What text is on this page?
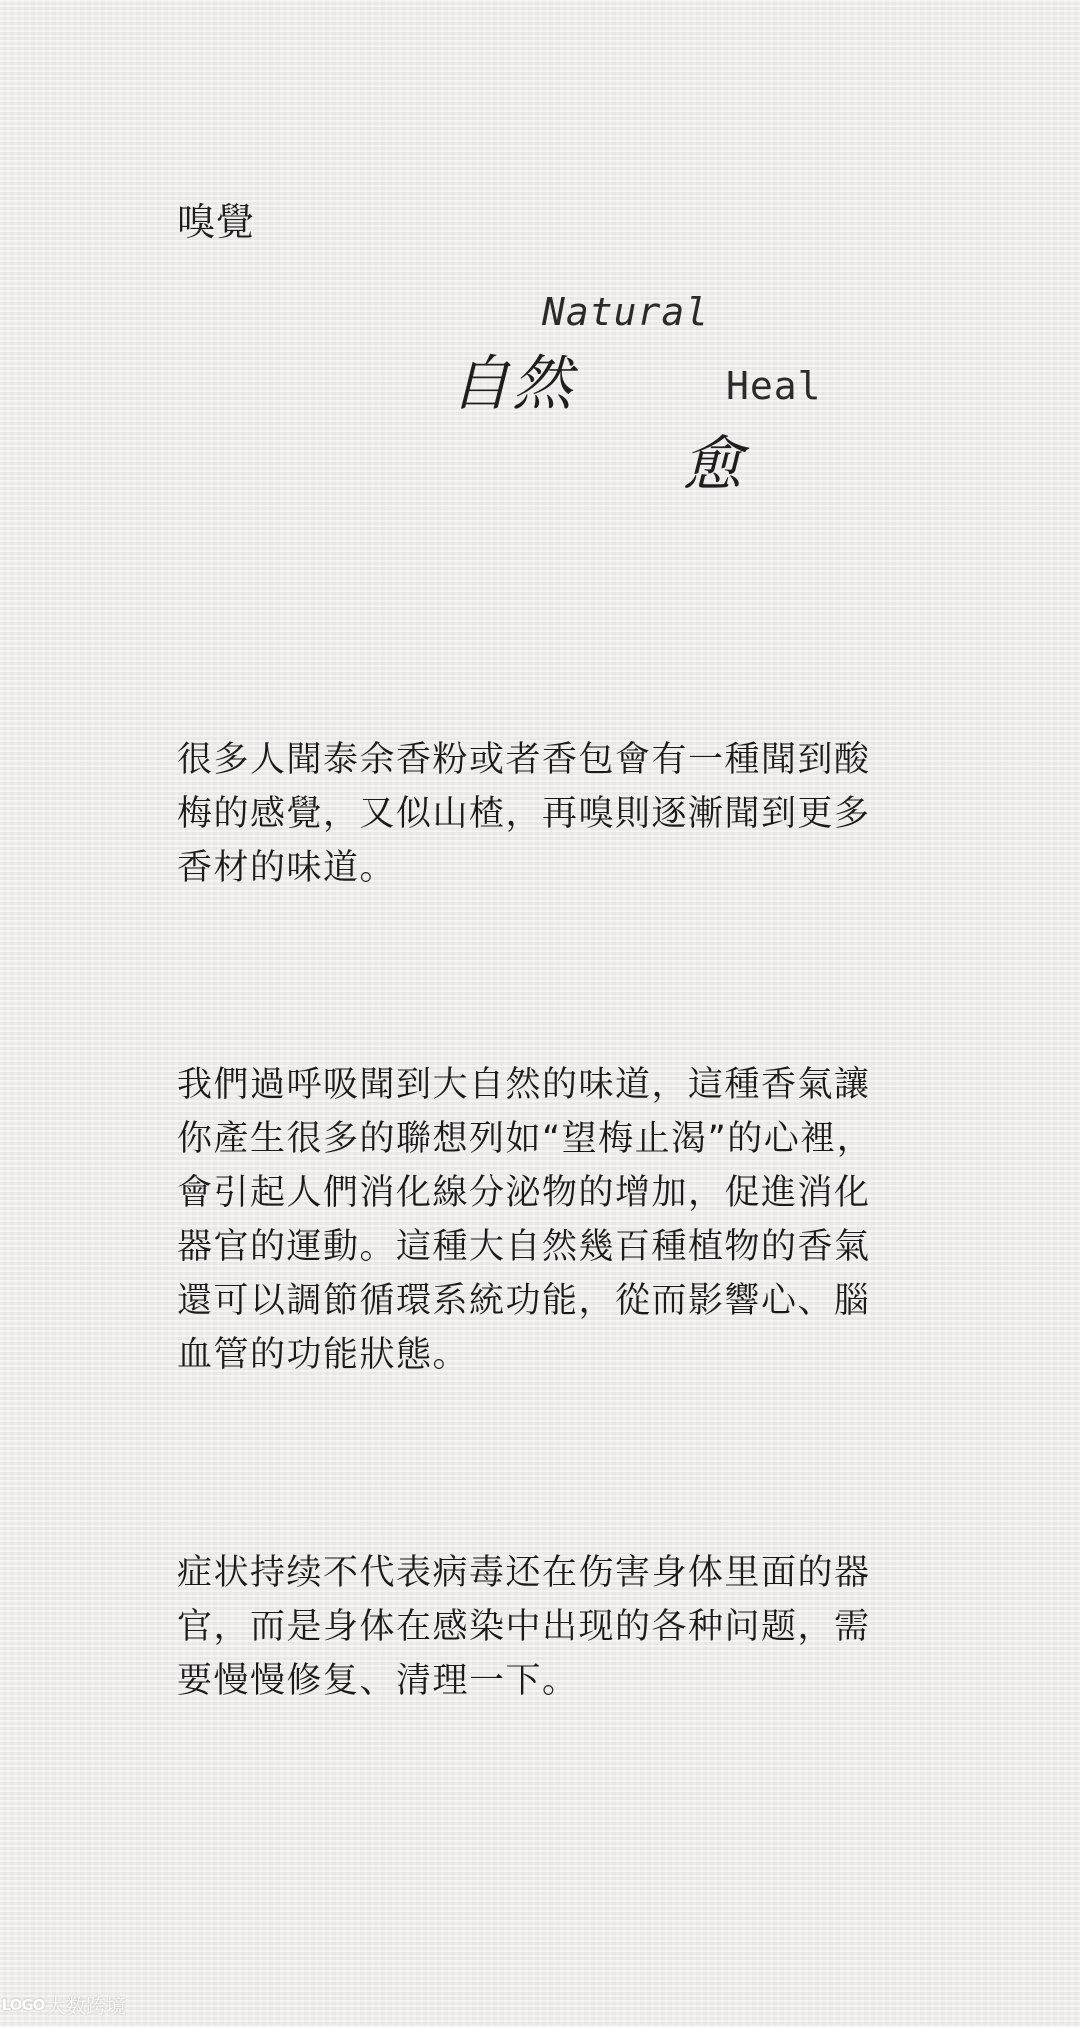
嗅覺
Natural
自然	Heal
愈

很多人聞泰余香粉或者香包會有一種聞到酸梅的感覺，又似山楂，再嗅則逐漸聞到更多香材的味道。

我們過呼吸聞到大自然的味道，這種香氣讓你產生很多的聯想列如“望梅止渴”的心裡，會引起人們消化線分泌物的增加，促進消化器官的運動。這種大自然幾百種植物的香氣還可以調節循環系統功能，從而影響心、腦血管的功能狀態。

症状持续不代表病毒还在伤害身体里面的器官，而是身体在感染中出现的各种问题，需要慢慢修复、清理一下。

LOGO 大数跨境
